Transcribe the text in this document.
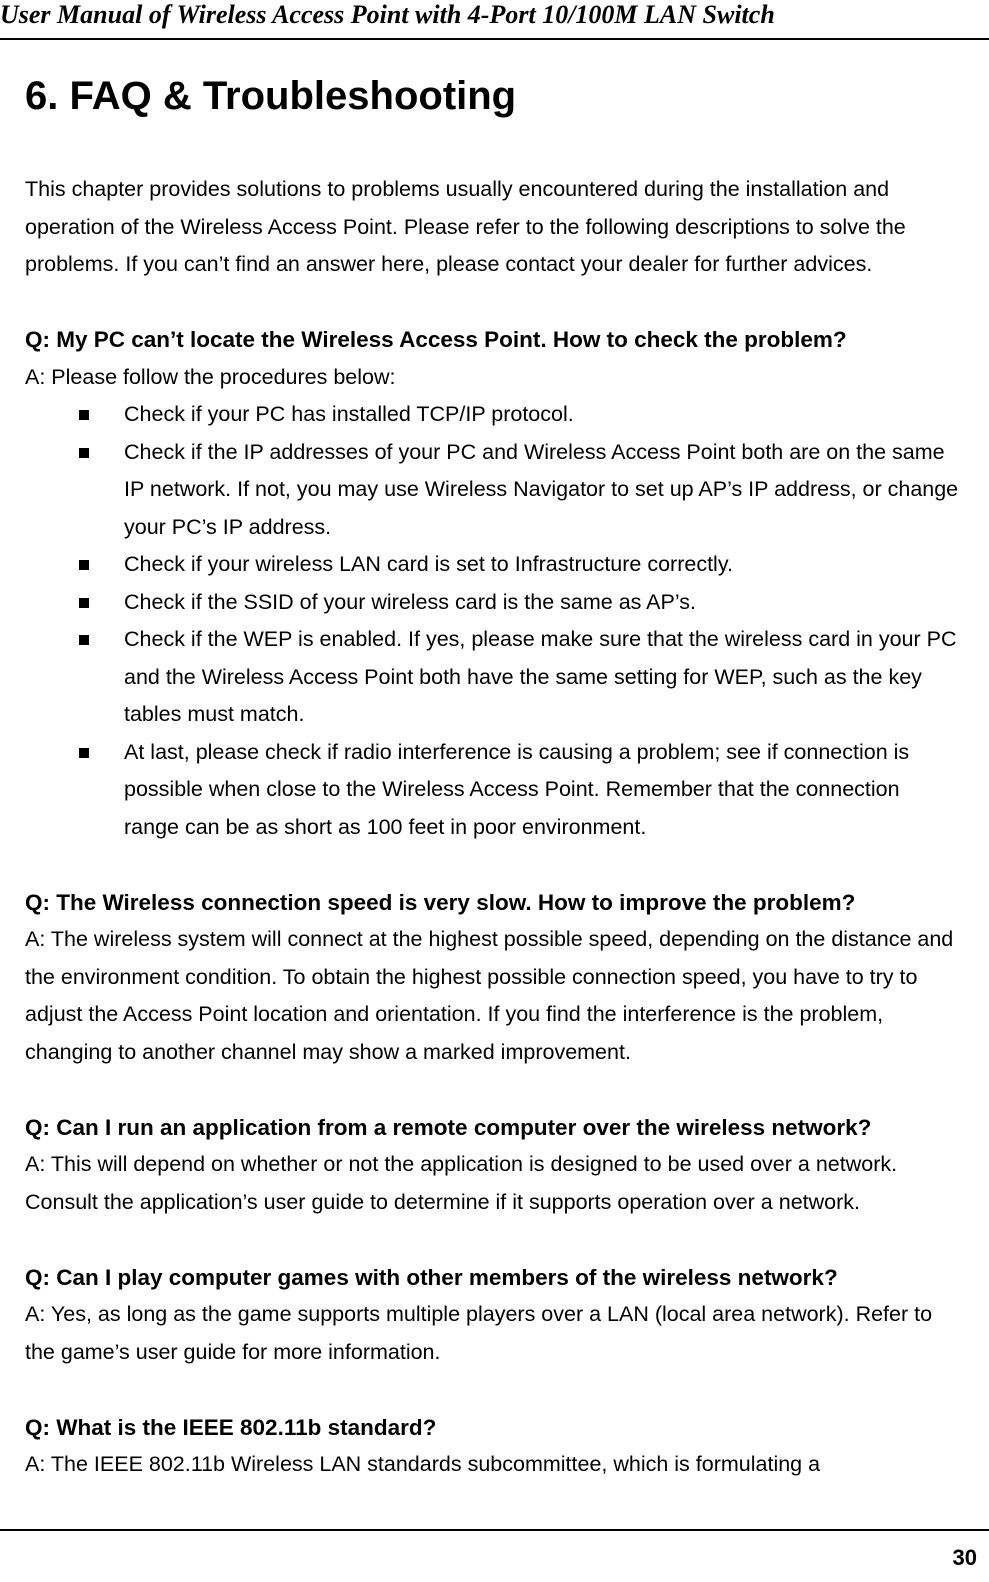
User Manual of Wireless Access Point with 4-Port 10/100M LAN Switch
6. FAQ & Troubleshooting

This chapter provides solutions to problems usually encountered during the installation and operation of the Wireless Access Point. Please refer to the following descriptions to solve the problems. If you can’t find an answer here, please contact your dealer for further advices.

Q: My PC can’t locate the Wireless Access Point. How to check the problem?

A: Please follow the procedures below:

Check if your PC has installed TCP/IP protocol.
Check if the IP addresses of your PC and Wireless Access Point both are on the same IP network. If not, you may use Wireless Navigator to set up AP’s IP address, or change your PC’s IP address.
Check if your wireless LAN card is set to Infrastructure correctly.
Check if the SSID of your wireless card is the same as AP’s.
Check if the WEP is enabled. If yes, please make sure that the wireless card in your PC and the Wireless Access Point both have the same setting for WEP, such as the key tables must match.
At last, please check if radio interference is causing a problem; see if connection is possible when close to the Wireless Access Point. Remember that the connection range can be as short as 100 feet in poor environment.

Q: The Wireless connection speed is very slow. How to improve the problem?

A: The wireless system will connect at the highest possible speed, depending on the distance and the environment condition. To obtain the highest possible connection speed, you have to try to adjust the Access Point location and orientation. If you find the interference is the problem, changing to another channel may show a marked improvement.

Q: Can I run an application from a remote computer over the wireless network?

A: This will depend on whether or not the application is designed to be used over a network. Consult the application’s user guide to determine if it supports operation over a network.

Q: Can I play computer games with other members of the wireless network?

A: Yes, as long as the game supports multiple players over a LAN (local area network). Refer to the game’s user guide for more information.

Q: What is the IEEE 802.11b standard?

A: The IEEE 802.11b Wireless LAN standards subcommittee, which is formulating a

30
